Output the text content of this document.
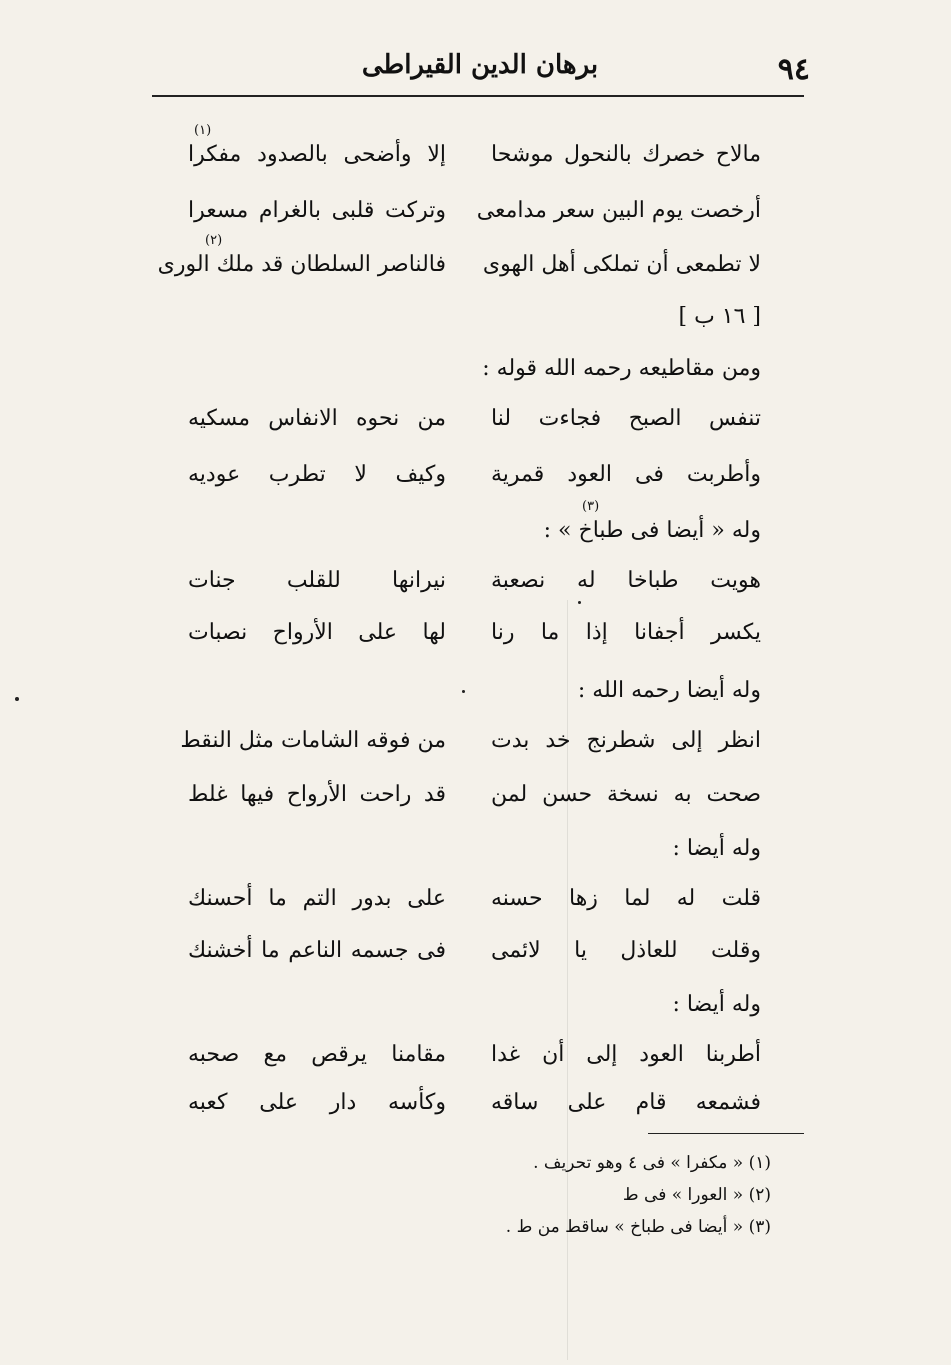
٩٤
برهان الدين القيراطى
مالاح خصرك بالنحول موشحا
إلا وأضحى بالصدود مفكرا
(١)
أرخصت يوم البين سعر مدامعى
وتركت قلبى بالغرام مسعرا
لا تطمعى أن تملكى أهل الهوى
فالناصر السلطان قد ملك الورى
(٢)
[ ١٦ ب ]
ومن مقاطيعه رحمه الله قوله :
تنفس الصبح فجاءت لنا
من نحوه الانفاس مسكيه
وأطربت فى العود قمرية
وكيف لا تطرب عوديه
وله « أيضا فى طباخ » :
(٣)
هويت طباخا له نصعبة
نيرانها للقلب جنات
يكسر أجفانا إذا ما رنا
لها على الأرواح نصبات
وله أيضا رحمه الله :
انظر إلى شطرنج خد بدت
من فوقه الشامات مثل النقط
صحت به نسخة حسن لمن
قد راحت الأرواح فيها غلط
وله أيضا :
قلت له لما زها حسنه
على بدور التم ما أحسنك
وقلت للعاذل يا لائمى
فى جسمه الناعم ما أخشنك
وله أيضا :
أطربنا العود إلى أن غدا
مقامنا يرقص مع صحبه
فشمعه قام على ساقه
وكأسه دار على كعبه
(١) « مكفرا » فى ٤ وهو تحريف .
(٢) « العورا » فى ط
(٣) « أيضا فى طباخ » ساقط من ط .
